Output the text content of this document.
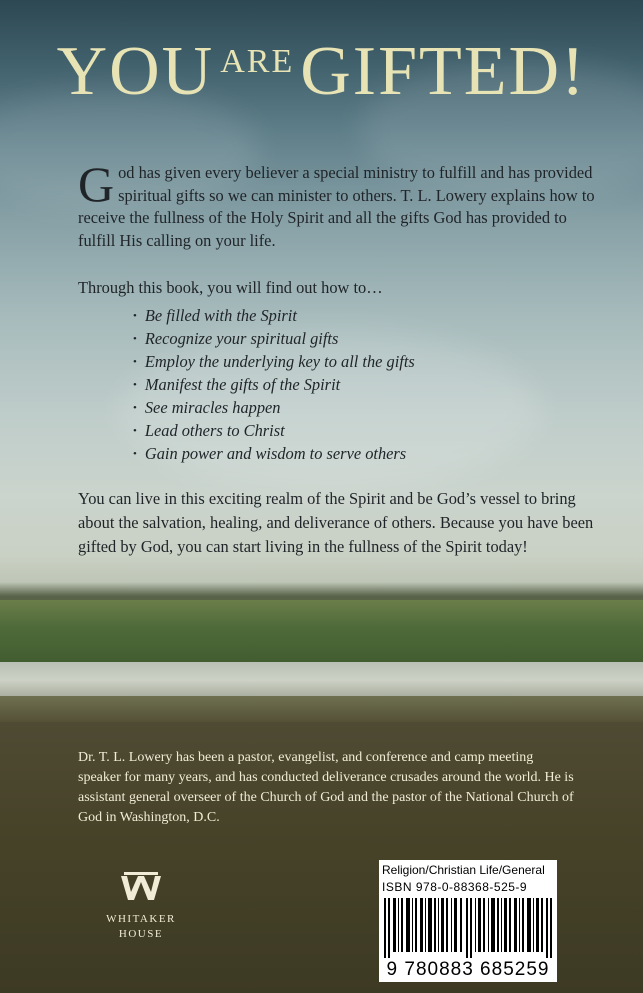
YOU AREGIFTED!

God has given every believer a special ministry to fulfill and has provided spiritual gifts so we can minister to others. T. L. Lowery explains how to receive the fullness of the Holy Spirit and all the gifts God has provided to fulfill His calling on your life.

Through this book, you will find out how to…

• Be filled with the Spirit
• Recognize your spiritual gifts
• Employ the underlying key to all the gifts
• Manifest the gifts of the Spirit
• See miracles happen
• Lead others to Christ
• Gain power and wisdom to serve others

You can live in this exciting realm of the Spirit and be God’s vessel to bring about the salvation, healing, and deliverance of others. Because you have been gifted by God, you can start living in the fullness of the Spirit today!

Dr. T. L. Lowery has been a pastor, evangelist, and conference and camp meeting speaker for many years, and has conducted deliverance crusades around the world. He is assistant general overseer of the Church of God and the pastor of the National Church of God in Washington, D.C.

WHITAKER
HOUSE
Religion/Christian Life/General
ISBN 978-0-88368-525-9
9 780883 685259
